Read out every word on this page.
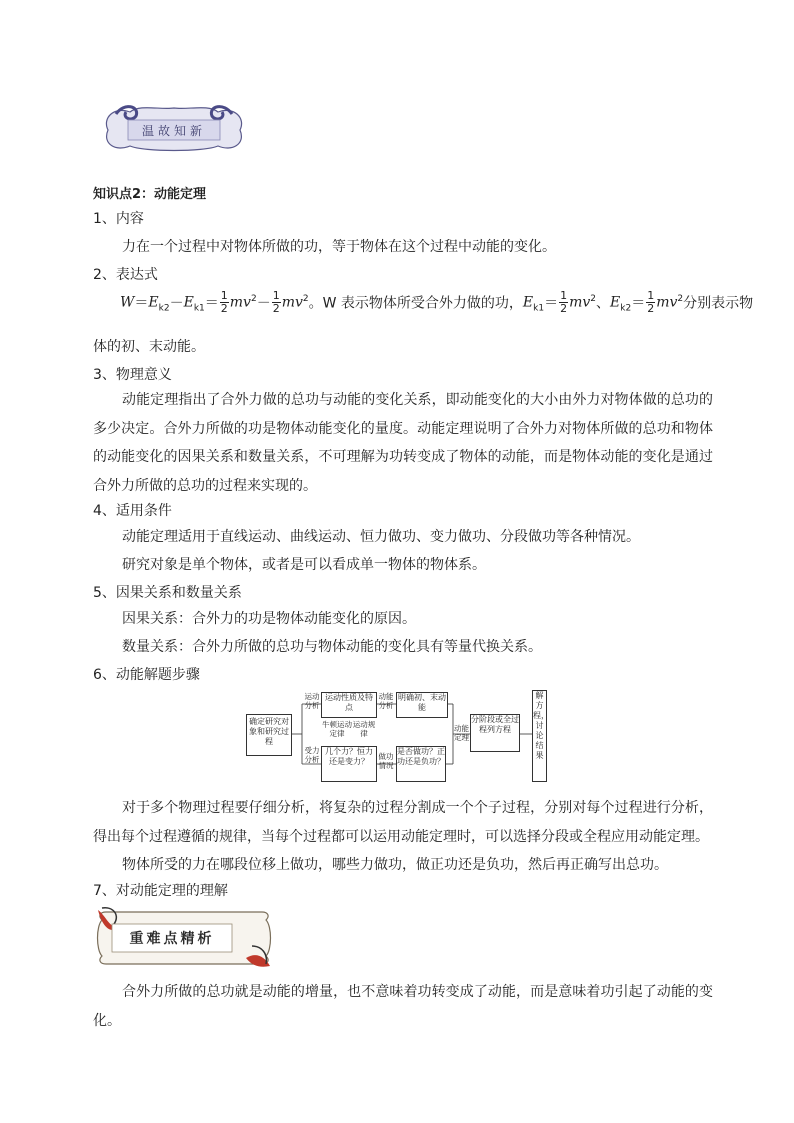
温故知新
知识点2：动能定理
1、内容
力在一个过程中对物体所做的功，等于物体在这个过程中动能的变化。
2、表达式
$W=E_{k2}-E_{k1}= \frac{1}{2} mv^2- \frac{1}{2} mv^2$。W 表示物体所受合外力做的功，$E_{k1}= \frac{1}{2} mv^2$、$E_{k2}= \frac{1}{2} mv^2$分别表示物
体的初、末动能。
3、物理意义
动能定理指出了合外力做的总功与动能的变化关系，即动能变化的大小由外力对物体做的总功的多少决定。合外力所做的功是物体动能变化的量度。动能定理说明了合外力对物体所做的总功和物体的动能变化的因果关系和数量关系，不可理解为功转变成了物体的动能，而是物体动能的变化是通过合外力所做的总功的过程来实现的。
4、适用条件
动能定理适用于直线运动、曲线运动、恒力做功、变力做功、分段做功等各种情况。
研究对象是单个物体，或者是可以看成单一物体的物体系。
5、因果关系和数量关系
因果关系：合外力的功是物体动能变化的原因。
数量关系：合外力所做的总功与物体动能的变化具有等量代换关系。
6、动能解题步骤
确定研究对象和研究过程
运动分析
运动性质及特点
牛顿运动定律
运动规律
动能分析
明确初、末动能
受力分析
几个力？恒力还是变力？
做功情况
是否做功？正功还是负功？
动能定理
分阶段或全过程列方程
解方程，讨论结果
对于多个物理过程要仔细分析，将复杂的过程分割成一个个子过程，分别对每个过程进行分析，得出每个过程遵循的规律，当每个过程都可以运用动能定理时，可以选择分段或全程应用动能定理。
物体所受的力在哪段位移上做功，哪些力做功，做正功还是负功，然后再正确写出总功。
7、对动能定理的理解
重难点精析
合外力所做的总功就是动能的增量，也不意味着功转变成了动能，而是意味着功引起了动能的变化。
